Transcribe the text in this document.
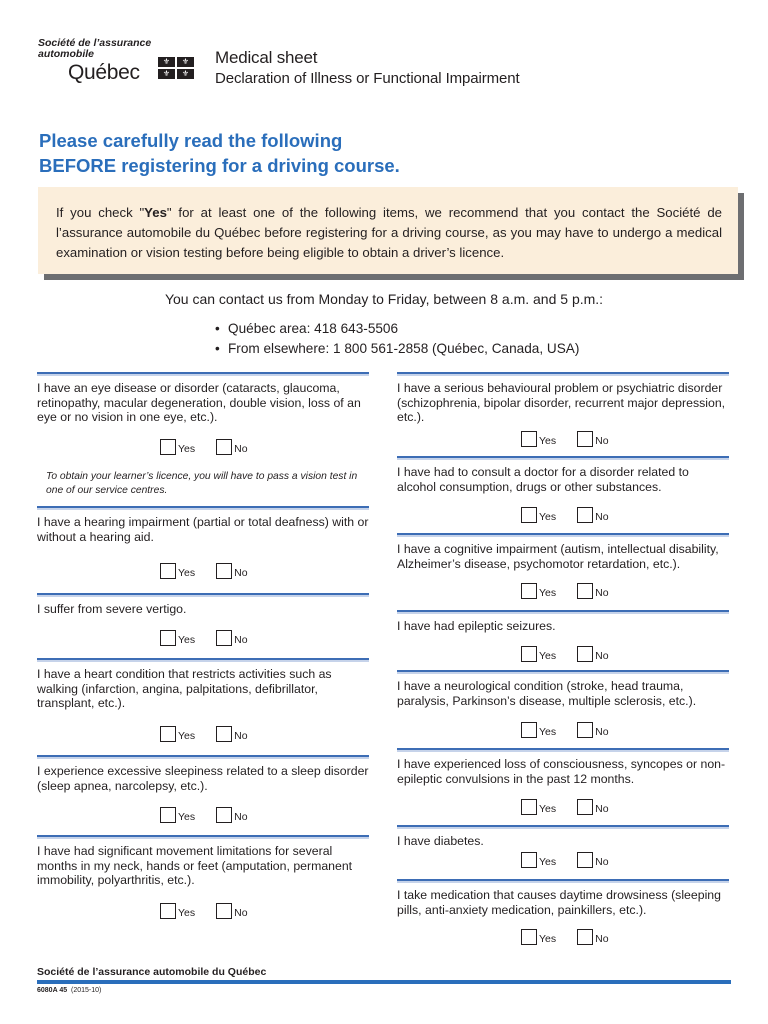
Société de l’assurance
automobile
Québec	⚜	⚜
⚜	⚜
Medical sheet
Declaration of Illness or Functional Impairment
Please carefully read the following
BEFORE registering for a driving course.
If you check "Yes" for at least one of the following items, we recommend that you contact the Société de l’assurance automobile du Québec before registering for a driving course, as you may have to undergo a medical examination or vision testing before being eligible to obtain a driver’s licence.
You can contact us from Monday to Friday, between 8 a.m. and 5 p.m.:
• Québec area: 418 643-5506
• From elsewhere: 1 800 561-2858 (Québec, Canada, USA)
I have an eye disease or disorder (cataracts, glaucoma, retinopathy, macular degeneration, double vision, loss of an eye or no vision in one eye, etc.).
Yes	No
To obtain your learner’s licence, you will have to pass a vision test in one of our service centres.
I have a hearing impairment (partial or total deafness) with or without a hearing aid.
Yes	No
I suffer from severe vertigo.
Yes	No
I have a heart condition that restricts activities such as walking (infarction, angina, palpitations, defibrillator, transplant, etc.).
Yes	No
I experience excessive sleepiness related to a sleep disorder (sleep apnea, narcolepsy, etc.).
Yes	No
I have had significant movement limitations for several months in my neck, hands or feet (amputation, permanent immobility, polyarthritis, etc.).
Yes	No
I have a serious behavioural problem or psychiatric disorder (schizophrenia, bipolar disorder, recurrent major depression, etc.).
Yes	No
I have had to consult a doctor for a disorder related to alcohol consumption, drugs or other substances.
Yes	No
I have a cognitive impairment (autism, intellectual disability, Alzheimer’s disease, psychomotor retardation, etc.).
Yes	No
I have had epileptic seizures.
Yes	No
I have a neurological condition (stroke, head trauma, paralysis, Parkinson’s disease, multiple sclerosis, etc.).
Yes	No
I have experienced loss of consciousness, syncopes or non-epileptic convulsions in the past 12 months.
Yes	No
I have diabetes.
Yes	No
I take medication that causes daytime drowsiness (sleeping pills, anti-anxiety medication, painkillers, etc.).
Yes	No
Société de l’assurance automobile du Québec
6080A 45 (2015-10)
